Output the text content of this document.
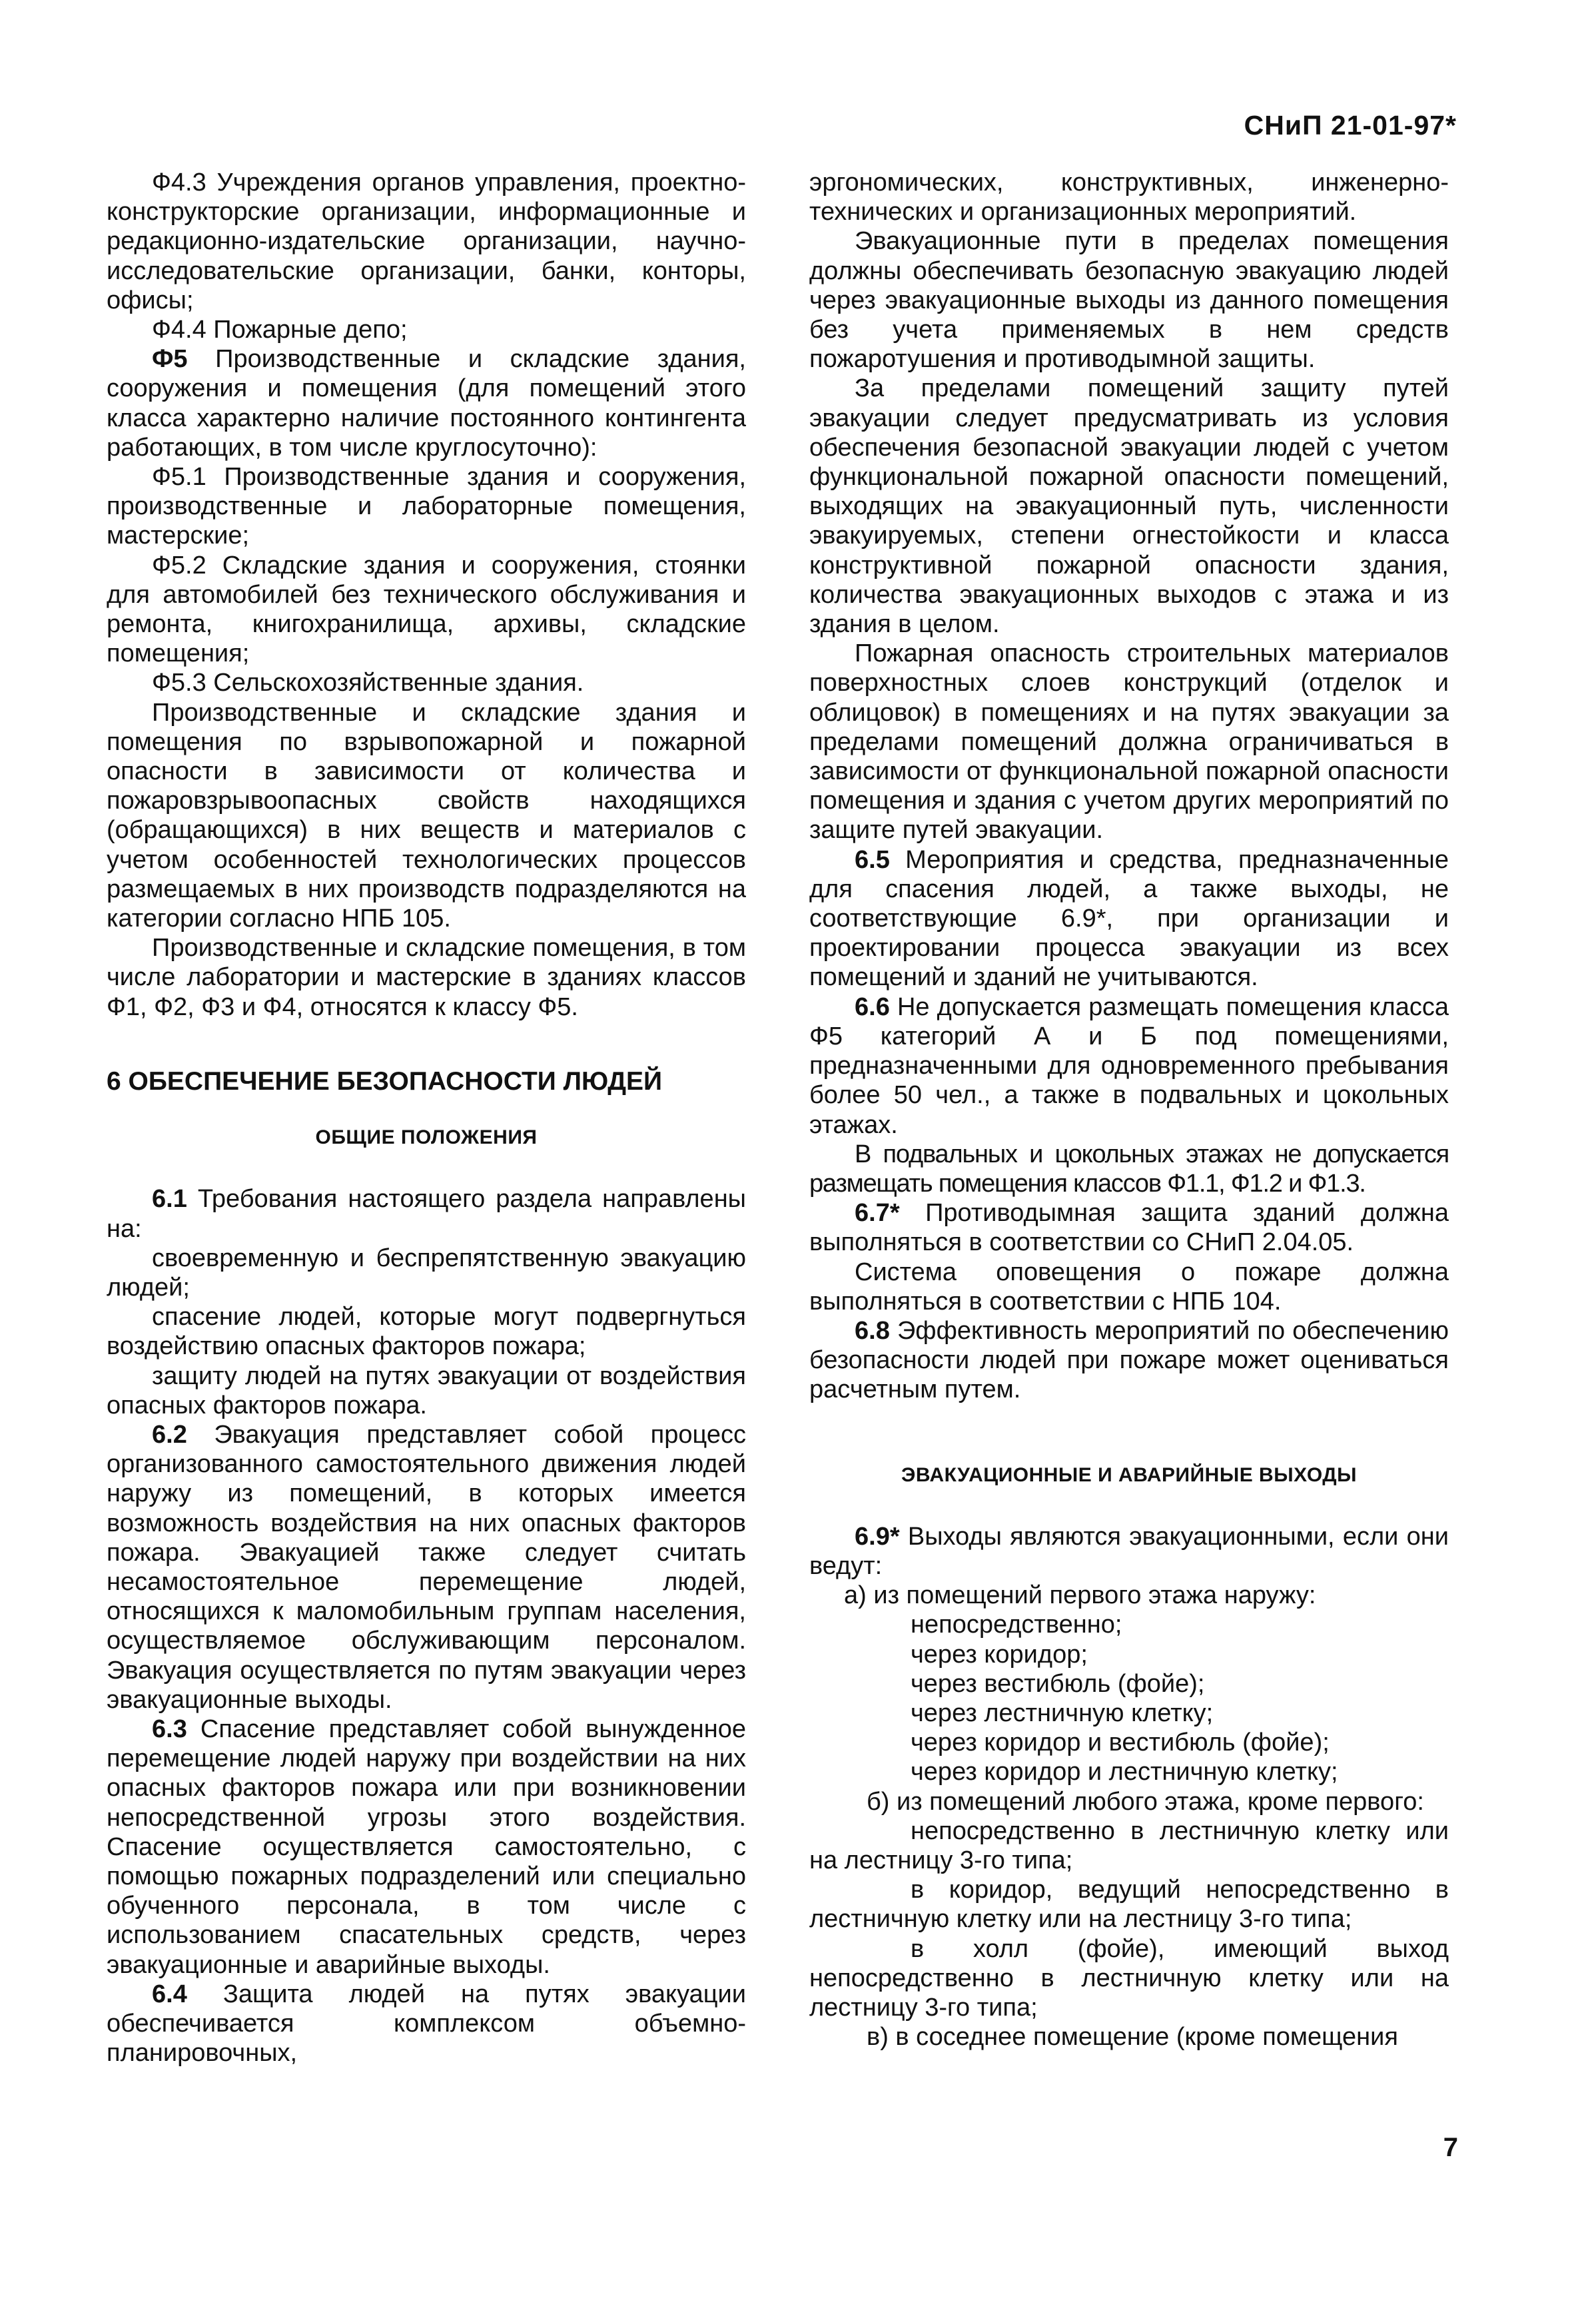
СНиП 21-01-97*

Ф4.3 Учреждения органов управления, проектно-конструкторские организации, информационные и редакционно-издательские организации, научно-исследовательские организации, банки, конторы, офисы;

Ф4.4 Пожарные депо;

Ф5 Производственные и складские здания, сооружения и помещения (для помещений этого класса характерно наличие постоянного контингента работающих, в том числе круглосуточно):

Ф5.1 Производственные здания и сооружения, производственные и лабораторные помещения, мастерские;

Ф5.2 Складские здания и сооружения, стоянки для автомобилей без технического обслуживания и ремонта, книгохранилища, архивы, складские помещения;

Ф5.3 Сельскохозяйственные здания.

Производственные и складские здания и помещения по взрывопожарной и пожарной опасности в зависимости от количества и пожаровзрывоопасных свойств находящихся (обращающихся) в них веществ и материалов с учетом особенностей технологических процессов размещаемых в них производств подразделяются на категории согласно НПБ 105.

Производственные и складские помещения, в том числе лаборатории и мастерские в зданиях классов Ф1, Ф2, Ф3 и Ф4, относятся к классу Ф5.

6 ОБЕСПЕЧЕНИЕ БЕЗОПАСНОСТИ ЛЮДЕЙ
ОБЩИЕ ПОЛОЖЕНИЯ

6.1 Требования настоящего раздела направлены на:

своевременную и беспрепятственную эвакуацию людей;

спасение людей, которые могут подвергнуться воздействию опасных факторов пожара;

защиту людей на путях эвакуации от воздействия опасных факторов пожара.

6.2 Эвакуация представляет собой процесс организованного самостоятельного движения людей наружу из помещений, в которых имеется возможность воздействия на них опасных факторов пожара. Эвакуацией также следует считать несамостоятельное перемещение людей, относящихся к маломобильным группам населения, осуществляемое обслуживающим персоналом. Эвакуация осуществляется по путям эвакуации через эвакуационные выходы.

6.3 Спасение представляет собой вынужденное перемещение людей наружу при воздействии на них опасных факторов пожара или при возникновении непосредственной угрозы этого воздействия. Спасение осуществляется самостоятельно, с помощью пожарных подразделений или специально обученного персонала, в том числе с использованием спасательных средств, через эвакуационные и аварийные выходы.

6.4 Защита людей на путях эвакуации обеспечивается комплексом объемно-планировочных,

эргономических, конструктивных, инженерно-технических и организационных мероприятий.

Эвакуационные пути в пределах помещения должны обеспечивать безопасную эвакуацию людей через эвакуационные выходы из данного помещения без учета применяемых в нем средств пожаротушения и противодымной защиты.

За пределами помещений защиту путей эвакуации следует предусматривать из условия обеспечения безопасной эвакуации людей с учетом функциональной пожарной опасности помещений, выходящих на эвакуационный путь, численности эвакуируемых, степени огнестойкости и класса конструктивной пожарной опасности здания, количества эвакуационных выходов с этажа и из здания в целом.

Пожарная опасность строительных материалов поверхностных слоев конструкций (отделок и облицовок) в помещениях и на путях эвакуации за пределами помещений должна ограничиваться в зависимости от функциональной пожарной опасности помещения и здания с учетом других мероприятий по защите путей эвакуации.

6.5 Мероприятия и средства, предназначенные для спасения людей, а также выходы, не соответствующие 6.9*, при организации и проектировании процесса эвакуации из всех помещений и зданий не учитываются.

6.6 Не допускается размещать помещения класса Ф5 категорий А и Б под помещениями, предназначенными для одновременного пребывания более 50 чел., а также в подвальных и цокольных этажах.

В подвальных и цокольных этажах не допускается размещать помещения классов Ф1.1, Ф1.2 и Ф1.3.

6.7* Противодымная защита зданий должна выполняться в соответствии со СНиП 2.04.05.

Система оповещения о пожаре должна выполняться в соответствии с НПБ 104.

6.8 Эффективность мероприятий по обеспечению безопасности людей при пожаре может оцениваться расчетным путем.

ЭВАКУАЦИОННЫЕ И АВАРИЙНЫЕ ВЫХОДЫ

6.9* Выходы являются эвакуационными, если они ведут:

а) из помещений первого этажа наружу:

непосредственно;

через коридор;

через вестибюль (фойе);

через лестничную клетку;

через коридор и вестибюль (фойе);

через коридор и лестничную клетку;

б) из помещений любого этажа, кроме первого:

непосредственно в лестничную клетку или на лестницу 3-го типа;

в коридор, ведущий непосредственно в лестничную клетку или на лестницу 3-го типа;

в холл (фойе), имеющий выход непосредственно в лестничную клетку или на лестницу 3-го типа;

в) в соседнее помещение (кроме помещения

7
